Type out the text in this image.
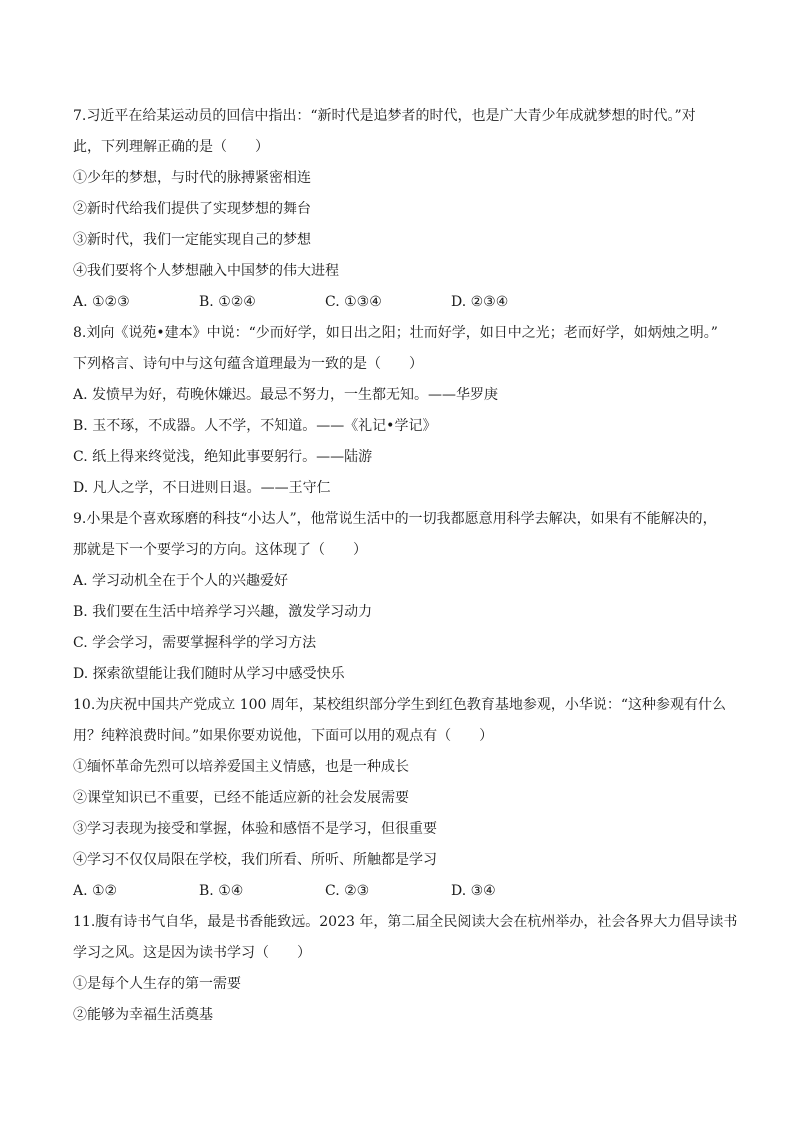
7.习近平在给某运动员的回信中指出：“新时代是追梦者的时代，也是广大青少年成就梦想的时代。”对
此，下列理解正确的是（　　）
①少年的梦想，与时代的脉搏紧密相连
②新时代给我们提供了实现梦想的舞台
③新时代，我们一定能实现自己的梦想
④我们要将个人梦想融入中国梦的伟大进程
A. ①②③	B. ①②④	C. ①③④	D. ②③④
8.刘向《说苑•建本》中说：“少而好学，如日出之阳；壮而好学，如日中之光；老而好学，如炳烛之明。”
下列格言、诗句中与这句蕴含道理最为一致的是（　　）
A. 发愤早为好，苟晚休嫌迟。最忌不努力，一生都无知。——华罗庚
B. 玉不琢，不成器。人不学，不知道。——《礼记•学记》
C. 纸上得来终觉浅，绝知此事要躬行。——陆游
D. 凡人之学，不日进则日退。——王守仁
9.小果是个喜欢琢磨的科技“小达人”，他常说生活中的一切我都愿意用科学去解决，如果有不能解决的，
那就是下一个要学习的方向。这体现了（　　）
A. 学习动机全在于个人的兴趣爱好
B. 我们要在生活中培养学习兴趣，激发学习动力
C. 学会学习，需要掌握科学的学习方法
D. 探索欲望能让我们随时从学习中感受快乐
10.为庆祝中国共产党成立 100 周年，某校组织部分学生到红色教育基地参观，小华说：“这种参观有什么
用？纯粹浪费时间。”如果你要劝说他，下面可以用的观点有（　　）
①缅怀革命先烈可以培养爱国主义情感，也是一种成长
②课堂知识已不重要，已经不能适应新的社会发展需要
③学习表现为接受和掌握，体验和感悟不是学习，但很重要
④学习不仅仅局限在学校，我们所看、所听、所触都是学习
A. ①②	B. ①④	C. ②③	D. ③④
11.腹有诗书气自华，最是书香能致远。2023 年，第二届全民阅读大会在杭州举办，社会各界大力倡导读书
学习之风。这是因为读书学习（　　）
①是每个人生存的第一需要
②能够为幸福生活奠基
